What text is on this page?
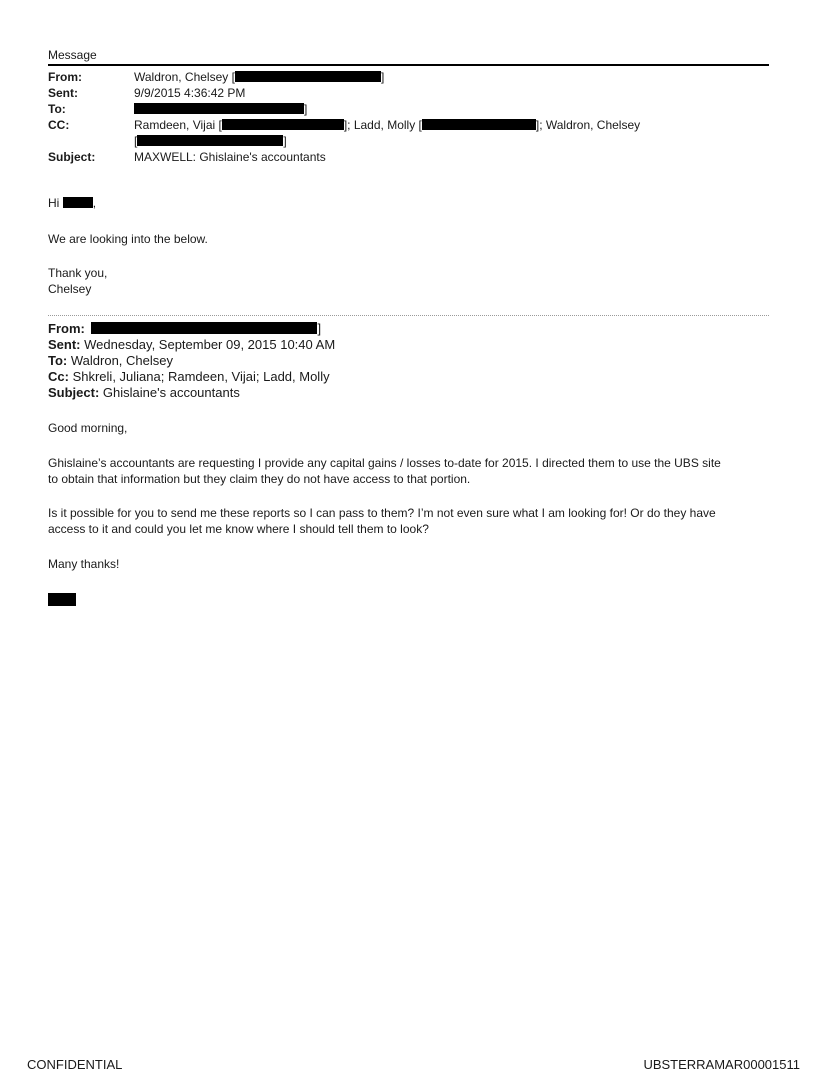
Message
From:	Waldron, Chelsey [	]
Sent:	9/9/2015 4:36:42 PM
To:	]
CC:	Ramdeen, Vijai [	]; Ladd, Molly [	]; Waldron, Chelsey
[	]
Subject:	MAXWELL: Ghislaine's accountants
Hi	,
We are looking into the below.
Thank you,
Chelsey
From:	]
Sent: Wednesday, September 09, 2015 10:40 AM
To: Waldron, Chelsey
Cc: Shkreli, Juliana; Ramdeen, Vijai; Ladd, Molly
Subject: Ghislaine's accountants
Good morning,
Ghislaine’s accountants are requesting I provide any capital gains / losses to-date for 2015. I directed them to use the UBS site
to obtain that information but they claim they do not have access to that portion.
Is it possible for you to send me these reports so I can pass to them? I’m not even sure what I am looking for! Or do they have
access to it and could you let me know where I should tell them to look?
Many thanks!
CONFIDENTIAL	UBSTERRAMAR00001511
